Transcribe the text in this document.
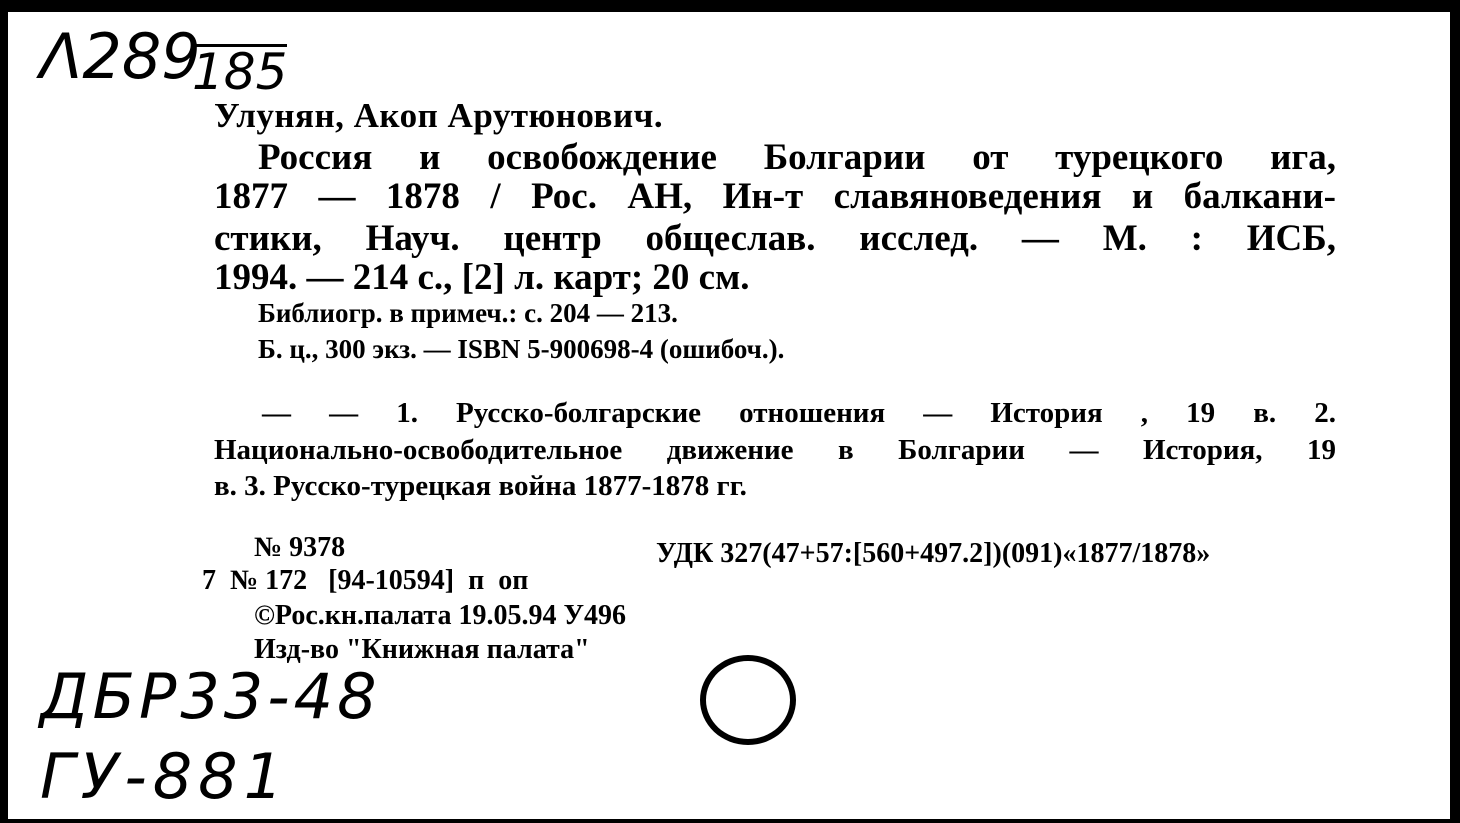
Λ289
185
Улунян, Акоп Арутюнович.
Россия и освобождение Болгарии от турецкого ига,
1877 — 1878 / Рос. АН, Ин-т славяноведения и балкани-
стики, Науч. центр общеслав. исслед. — М. : ИСБ,
1994. — 214 с., [2] л. карт; 20 см.
Библиогр. в примеч.: с. 204 — 213.
Б. ц., 300 экз. — ISBN 5-900698-4 (ошибоч.).
— — 1. Русско-болгарские отношения — История , 19 в. 2.
Национально-освободительное движение в Болгарии — История, 19
в. 3. Русско-турецкая война 1877-1878 гг.
№ 9378	УДК 327(47+57:[560+497.2])(091)«1877/1878»
7  № 172   [94-10594]  п  оп
©Рос.кн.палата 19.05.94 У496
Изд-во "Книжная палата"
ДБР33-48
ГУ-881
